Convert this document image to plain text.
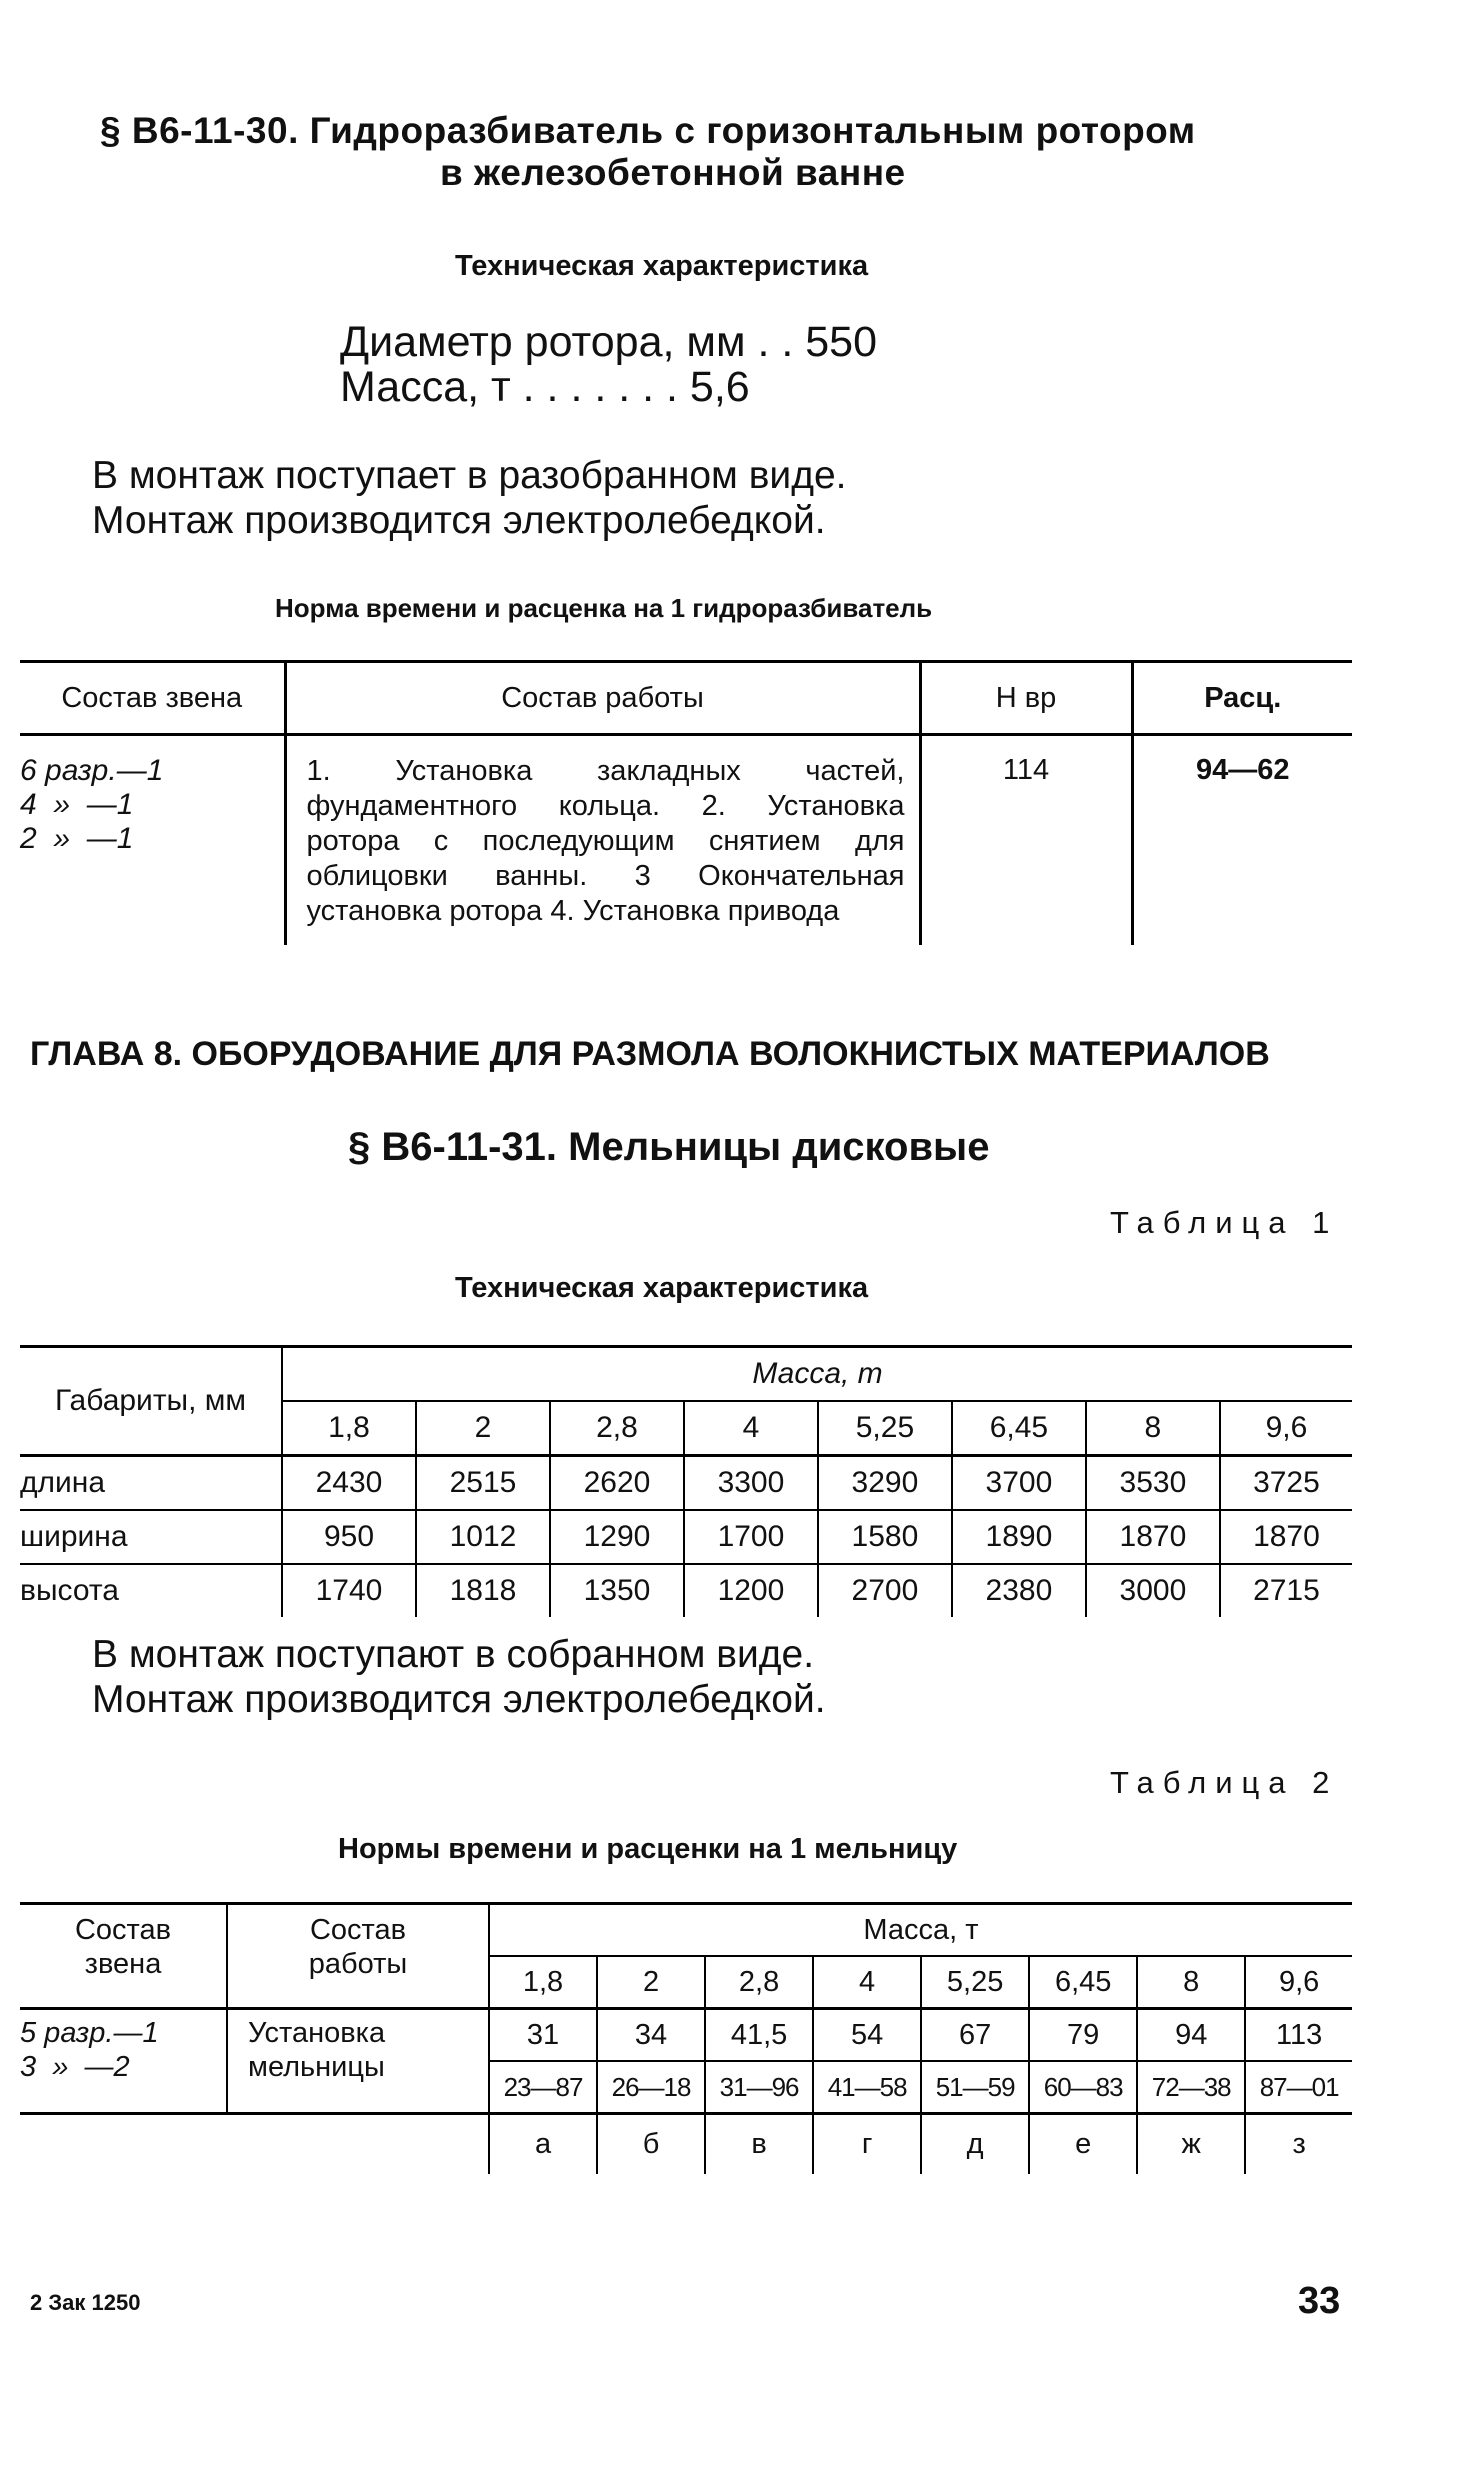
§ В6-11-30. Гидроразбиватель с горизонтальным ротором
в железобетонной ванне
Техническая характеристика
Диаметр ротора, мм . . 550
Масса, т . . . . . . . 5,6
В монтаж поступает в разобранном виде.
Монтаж производится электролебедкой.
Норма времени и расценка на 1 гидроразбиватель
Состав звена	Состав работы	Н вр	Расц.

6 разр.—1
4  »  —1
2  »  —1	1. Установка закладных частей, фундаментного кольца. 2. Установка ротора с последующим снятием для облицовки ванны. 3 Окончательная установка ротора 4. Установка привода	114	94—62
ГЛАВА 8. ОБОРУДОВАНИЕ ДЛЯ РАЗМОЛА ВОЛОКНИСТЫХ МАТЕРИАЛОВ
§ В6-11-31. Мельницы дисковые
Таблица 1
Техническая характеристика
Габариты, мм	Масса, т							
	1,8	2	2,8	4	5,25	6,45	8	9,6
длина	2430	2515	2620	3300	3290	3700	3530	3725
ширина	950	1012	1290	1700	1580	1890	1870	1870
высота	1740	1818	1350	1200	2700	2380	3000	2715
В монтаж поступают в собранном виде.
Монтаж производится электролебедкой.
Таблица 2
Нормы времени и расценки на 1 мельницу
Состав звена	Состав работы	Масса, т							
		1,8	2	2,8	4	5,25	6,45	8	9,6

5 разр.—1
3  »  —2	Установка мельницы	31	34	41,5	54	67	79	94	113
		23—87	26—18	31—96	41—58	51—59	60—83	72—38	87—01
		а	б	в	г	д	е	ж	з
2 Зак 1250	33
